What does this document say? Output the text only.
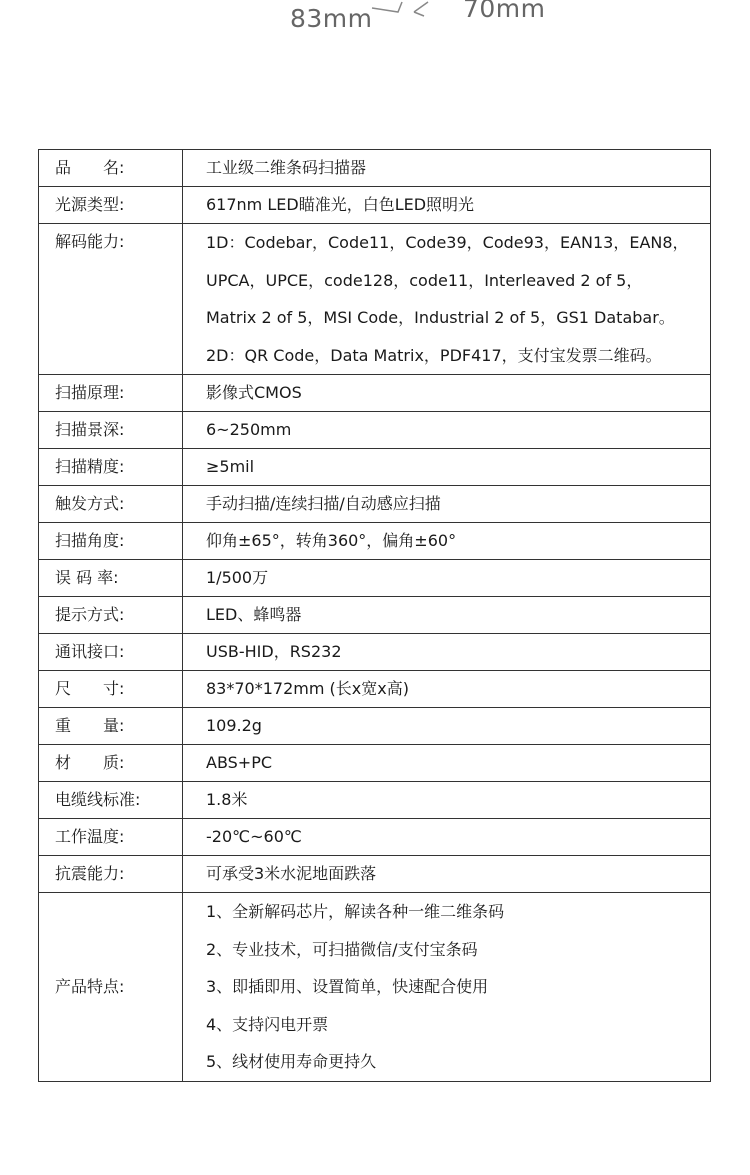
83mm	70mm
品　　名:	工业级二维条码扫描器

光源类型:	617nm LED瞄准光，白色LED照明光

解码能力:	1D：Codebar，Code11，Code39，Code93，EAN13，EAN8，
UPCA，UPCE，code128，code11，Interleaved 2 of 5，
Matrix 2 of 5，MSI Code，Industrial 2 of 5，GS1 Databar。
2D：QR Code，Data Matrix，PDF417，支付宝发票二维码。

扫描原理:	影像式CMOS

扫描景深:	6~250mm

扫描精度:	≥5mil

触发方式:	手动扫描/连续扫描/自动感应扫描

扫描角度:	仰角±65°，转角360°，偏角±60°

误 码 率:	1/500万

提示方式:	LED、蜂鸣器

通讯接口:	USB-HID，RS232

尺　　寸:	83*70*172mm (长x宽x高)

重　　量:	109.2g

材　　质:	ABS+PC

电缆线标准:	1.8米

工作温度:	-20℃~60℃

抗震能力:	可承受3米水泥地面跌落

产品特点:	1、全新解码芯片，解读各种一维二维条码
2、专业技术，可扫描微信/支付宝条码
3、即插即用、设置简单，快速配合使用
4、支持闪电开票
5、线材使用寿命更持久
